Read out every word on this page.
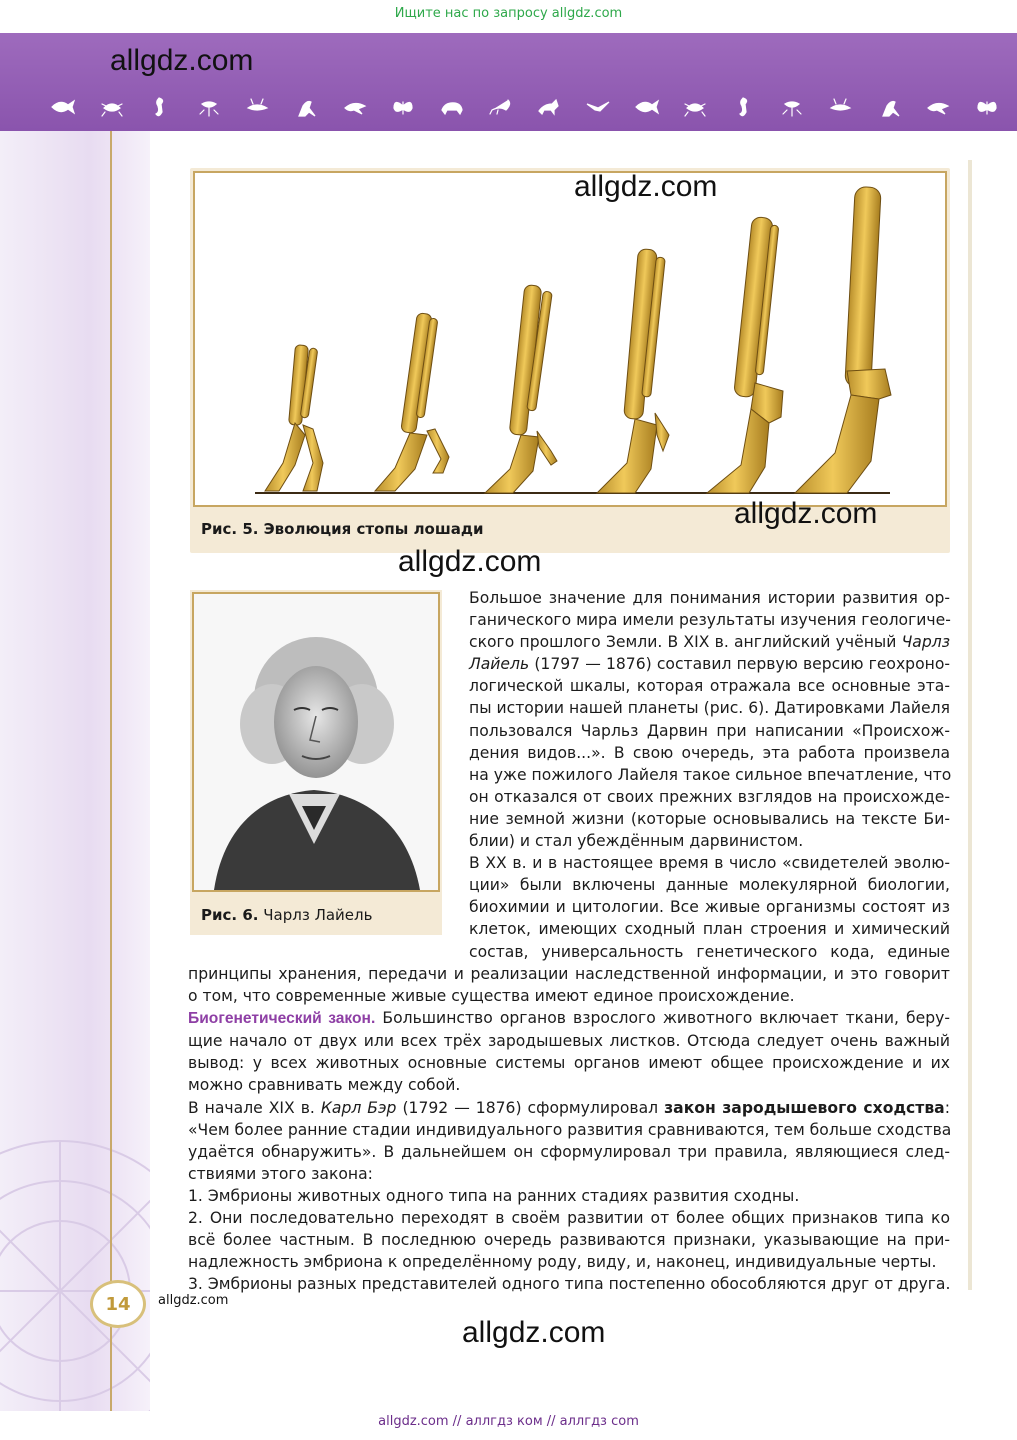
Ищите нас по запросу allgdz.com
allgdz.com
Рис. 5. Эволюция стопы лошади
allgdz.com
allgdz.com
allgdz.com
Рис. 6. Чарлз Лайель
Большое значение для понимания истории развития ор-
ганического мира имели результаты изучения геологиче-
ского прошлого Земли. В XIX в. английский учёный Чарлз
Лайель (1797 — 1876) составил первую версию геохроно-
логической шкалы, которая отражала все основные эта-
пы истории нашей планеты (рис. 6). Датировками Лайеля
пользовался Чарльз Дарвин при написании «Происхож-
дения видов...». В свою очередь, эта работа произвела
на уже пожилого Лайеля такое сильное впечатление, что
он отказался от своих прежних взглядов на происхожде-
ние земной жизни (которые основывались на тексте Би-
блии) и стал убеждённым дарвинистом.
В XX в. и в настоящее время в число «свидетелей эволю-
ции» были включены данные молекулярной биологии,
биохимии и цитологии. Все живые организмы состоят из
клеток, имеющих сходный план строения и химический
состав, универсальность генетического кода, единые
принципы хранения, передачи и реализации наследственной информации, и это говорит
о том, что современные живые существа имеют единое происхождение.
Биогенетический закон. Большинство органов взрослого животного включает ткани, беру-
щие начало от двух или всех трёх зародышевых листков. Отсюда следует очень важный
вывод: у всех животных основные системы органов имеют общее происхождение и их
можно сравнивать между собой.
В начале XIX в. Карл Бэр (1792 — 1876) сформулировал закон зародышевого сходства:
«Чем более ранние стадии индивидуального развития сравниваются, тем больше сходства
удаётся обнаружить». В дальнейшем он сформулировал три правила, являющиеся след-
ствиями этого закона:
1. Эмбрионы животных одного типа на ранних стадиях развития сходны.
2. Они последовательно переходят в своём развитии от более общих признаков типа ко
всё более частным. В последнюю очередь развиваются признаки, указывающие на при-
надлежность эмбриона к определённому роду, виду, и, наконец, индивидуальные черты.
3. Эмбрионы разных представителей одного типа постепенно обособляются друг от друга.
14	allgdz.com
allgdz.com
allgdz.com // аллгдз ком // аллгдз com
